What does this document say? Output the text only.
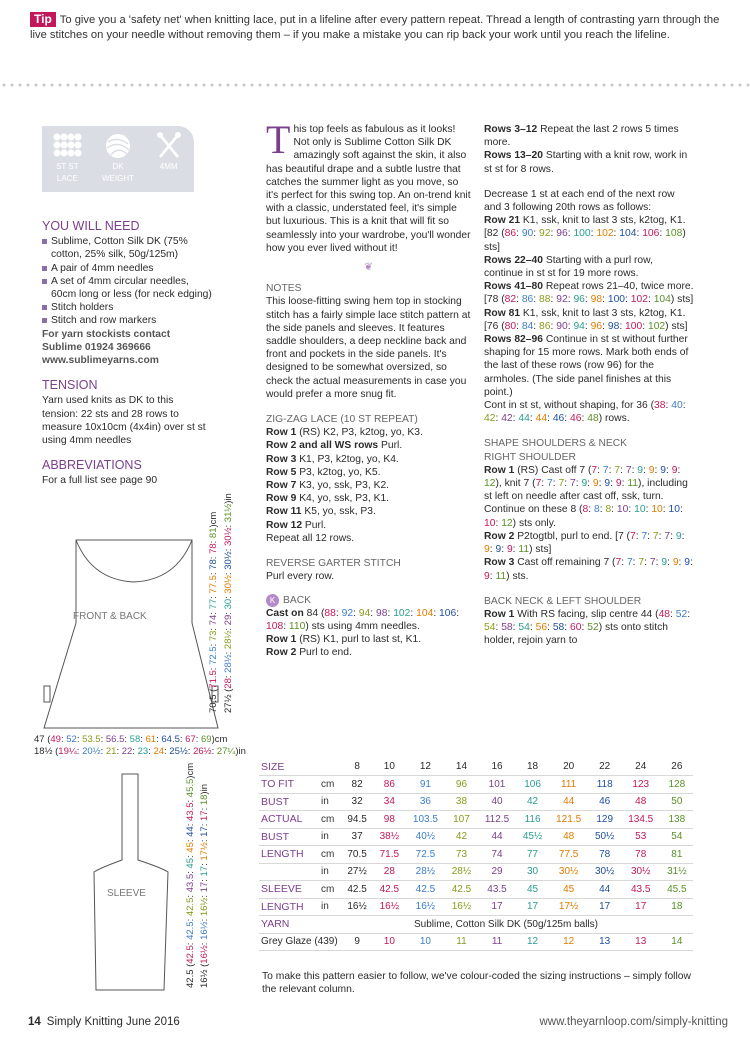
Tip To give you a 'safety net' when knitting lace, put in a lifeline after every pattern repeat. Thread a length of contrasting yarn through the live stitches on your needle without removing them – if you make a mistake you can rip back your work until you reach the lifeline.
ST ST
LACE
DK
WEIGHT
4MM
YOU WILL NEED
Sublime, Cotton Silk DK (75% cotton, 25% silk, 50g/125m)
A pair of 4mm needles
A set of 4mm circular needles, 60cm long or less (for neck edging)
Stitch holders
Stitch and row markers
For yarn stockists contact Sublime 01924 369666
www.sublimeyarns.com
TENSION
Yarn used knits as DK to this tension: 22 sts and 28 rows to measure 10x10cm (4x4in) over st st using 4mm needles
ABBREVIATIONS
For a full list see page 90
FRONT & BACK
70.5 (71.5: 72.5: 73: 74: 77: 77.5: 78: 78: 81)cm
27½ (28: 28½: 28½: 29: 30: 30½: 30½: 30½: 31½)in
47 (49: 52: 53.5: 56.5: 58: 61: 64.5: 67: 69)cm
18½ (19¼: 20½: 21: 22: 23: 24: 25½: 26½: 27¼)in
SLEEVE
42.5 (42.5: 42.5: 42.5: 43.5: 45: 45: 44: 43.5: 45.5)cm
16½ (16½: 16½: 16½: 17: 17: 17½: 17: 17: 18)in
This top feels as fabulous as it looks! Not only is Sublime Cotton Silk DK amazingly soft against the skin, it also has beautiful drape and a subtle lustre that catches the summer light as you move, so it's perfect for this swing top. An on-trend knit with a classic, understated feel, it's simple but luxurious. This is a knit that will fit so seamlessly into your wardrobe, you'll wonder how you ever lived without it!
❦
NOTES

This loose-fitting swing hem top in stocking stitch has a fairly simple lace stitch pattern at the side panels and sleeves. It features saddle shoulders, a deep neckline back and front and pockets in the side panels. It's designed to be somewhat oversized, so check the actual measurements in case you would prefer a more snug fit.

ZIG-ZAG LACE (10 ST REPEAT)
Row 1 (RS) K2, P3, k2tog, yo, K3.
Row 2 and all WS rows Purl.
Row 3 K1, P3, k2tog, yo, K4.
Row 5 P3, k2tog, yo, K5.
Row 7 K3, yo, ssk, P3, K2.
Row 9 K4, yo, ssk, P3, K1.
Row 11 K5, yo, ssk, P3.
Row 12 Purl.
Repeat all 12 rows.
REVERSE GARTER STITCH
Purl every row.
K BACK
Cast on 84 (88: 92: 94: 98: 102: 104: 106: 108: 110) sts using 4mm needles.
Row 1 (RS) K1, purl to last st, K1.
Row 2 Purl to end.
Rows 3–12 Repeat the last 2 rows 5 times more.
Rows 13–20 Starting with a knit row, work in st st for 8 rows.
Decrease 1 st at each end of the next row and 3 following 20th rows as follows:
Row 21 K1, ssk, knit to last 3 sts, k2tog, K1. [82 (86: 90: 92: 96: 100: 102: 104: 106: 108) sts]
Rows 22–40 Starting with a purl row, continue in st st for 19 more rows.
Rows 41–80 Repeat rows 21–40, twice more. [78 (82: 86: 88: 92: 96: 98: 100: 102: 104) sts]
Row 81 K1, ssk, knit to last 3 sts, k2tog, K1. [76 (80: 84: 86: 90: 94: 96: 98: 100: 102) sts]
Rows 82–96 Continue in st st without further shaping for 15 more rows. Mark both ends of the last of these rows (row 96) for the armholes. (The side panel finishes at this point.)
Cont in st st, without shaping, for 36 (38: 40: 42: 42: 44: 44: 46: 46: 48) rows.
SHAPE SHOULDERS & NECK
RIGHT SHOULDER
Row 1 (RS) Cast off 7 (7: 7: 7: 7: 9: 9: 9: 9: 12), knit 7 (7: 7: 7: 7: 9: 9: 9: 9: 11), including st left on needle after cast off, ssk, turn. Continue on these 8 (8: 8: 8: 10: 10: 10: 10: 10: 12) sts only.
Row 2 P2togtbl, purl to end. [7 (7: 7: 7: 7: 9: 9: 9: 9: 11) sts]
Row 3 Cast off remaining 7 (7: 7: 7: 7: 9: 9: 9: 9: 11) sts.
BACK NECK & LEFT SHOULDER
Row 1 With RS facing, slip centre 44 (48: 52: 54: 58: 54: 56: 58: 60: 52) sts onto stitch holder, rejoin yarn to
SIZE		8	10	12	14	16	18	20	22	24	26
TO FIT	cm	82	86	91	96	101	106	111	118	123	128
BUST	in	32	34	36	38	40	42	44	46	48	50
ACTUAL	cm	94.5	98	103.5	107	112.5	116	121.5	129	134.5	138
BUST	in	37	38½	40½	42	44	45½	48	50½	53	54
LENGTH	cm	70.5	71.5	72.5	73	74	77	77.5	78	78	81
	in	27½	28	28½	28½	29	30	30½	30½	30½	31½
SLEEVE	cm	42.5	42.5	42.5	42.5	43.5	45	45	44	43.5	45.5
LENGTH	in	16½	16½	16½	16½	17	17	17½	17	17	18
YARN	Sublime, Cotton Silk DK (50g/125m balls)										
Grey Glaze (439)		9	10	10	11	11	12	12	13	13	14
To make this pattern easier to follow, we've colour-coded the sizing instructions – simply follow the relevant column.
14 Simply Knitting June 2016	www.theyarnloop.com/simply-knitting
